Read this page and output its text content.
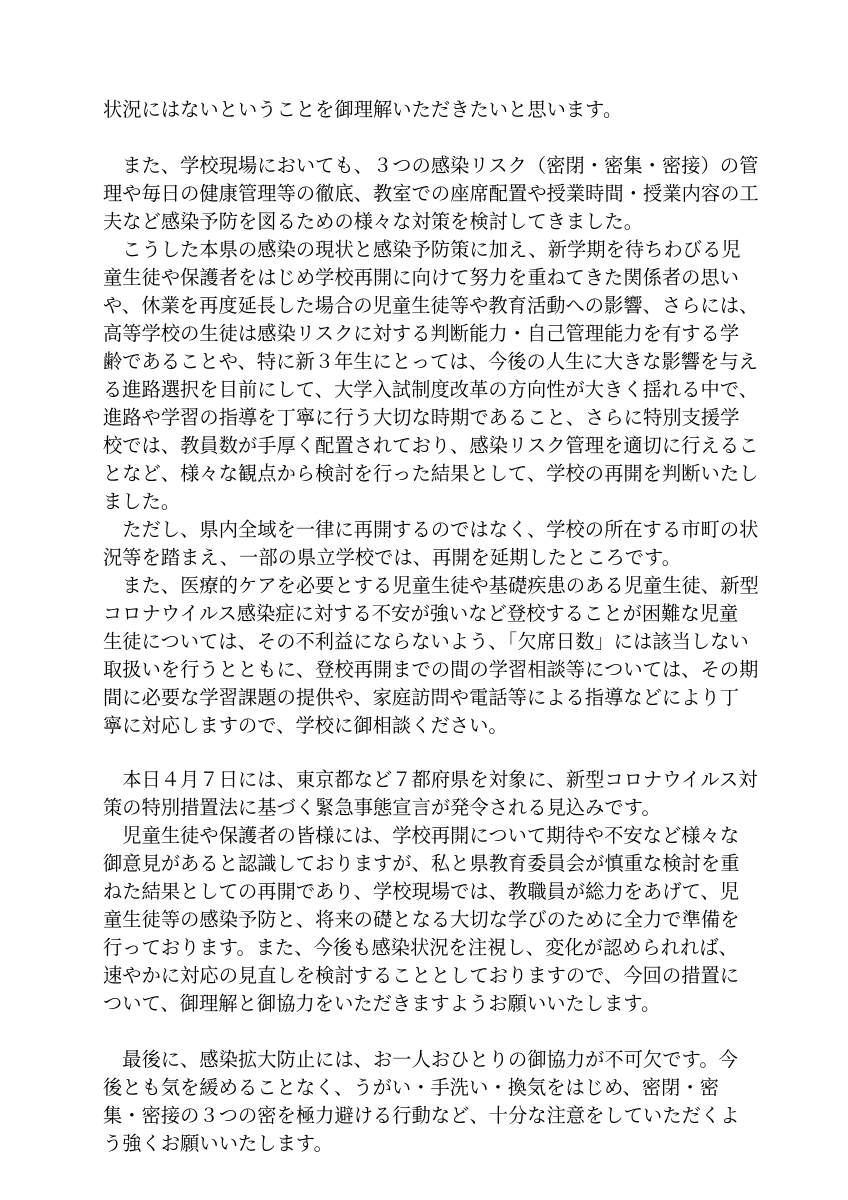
状況にはないということを御理解いただきたいと思います。
　また、学校現場においても、３つの感染リスク（密閉・密集・密接）の管
理や毎日の健康管理等の徹底、教室での座席配置や授業時間・授業内容の工
夫など感染予防を図るための様々な対策を検討してきました。
　こうした本県の感染の現状と感染予防策に加え、新学期を待ちわびる児
童生徒や保護者をはじめ学校再開に向けて努力を重ねてきた関係者の思い
や、休業を再度延長した場合の児童生徒等や教育活動への影響、さらには、
高等学校の生徒は感染リスクに対する判断能力・自己管理能力を有する学
齢であることや、特に新３年生にとっては、今後の人生に大きな影響を与え
る進路選択を目前にして、大学入試制度改革の方向性が大きく揺れる中で、
進路や学習の指導を丁寧に行う大切な時期であること、さらに特別支援学
校では、教員数が手厚く配置されており、感染リスク管理を適切に行えるこ
となど、様々な観点から検討を行った結果として、学校の再開を判断いたし
ました。
　ただし、県内全域を一律に再開するのではなく、学校の所在する市町の状
況等を踏まえ、一部の県立学校では、再開を延期したところです。
　また、医療的ケアを必要とする児童生徒や基礎疾患のある児童生徒、新型
コロナウイルス感染症に対する不安が強いなど登校することが困難な児童
生徒については、その不利益にならないよう、「欠席日数」には該当しない
取扱いを行うとともに、登校再開までの間の学習相談等については、その期
間に必要な学習課題の提供や、家庭訪問や電話等による指導などにより丁
寧に対応しますので、学校に御相談ください。
　本日４月７日には、東京都など７都府県を対象に、新型コロナウイルス対
策の特別措置法に基づく緊急事態宣言が発令される見込みです。
　児童生徒や保護者の皆様には、学校再開について期待や不安など様々な
御意見があると認識しておりますが、私と県教育委員会が慎重な検討を重
ねた結果としての再開であり、学校現場では、教職員が総力をあげて、児
童生徒等の感染予防と、将来の礎となる大切な学びのために全力で準備を
行っております。また、今後も感染状況を注視し、変化が認められれば、
速やかに対応の見直しを検討することとしておりますので、今回の措置に
ついて、御理解と御協力をいただきますようお願いいたします。
　最後に、感染拡大防止には、お一人おひとりの御協力が不可欠です。今
後とも気を緩めることなく、うがい・手洗い・換気をはじめ、密閉・密
集・密接の３つの密を極力避ける行動など、十分な注意をしていただくよ
う強くお願いいたします。
